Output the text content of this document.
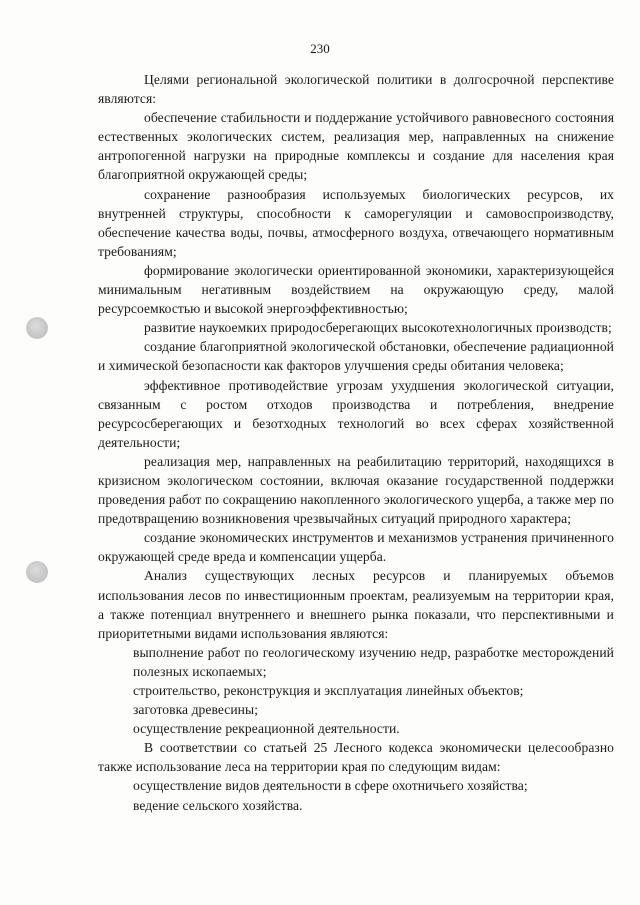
230

Целями региональной экологической политики в долгосрочной перспективе являются:

обеспечение стабильности и поддержание устойчивого равновесного состояния естественных экологических систем, реализация мер, направленных на снижение антропогенной нагрузки на природные комплексы и создание для населения края благоприятной окружающей среды;

сохранение разнообразия используемых биологических ресурсов, их внутренней структуры, способности к саморегуляции и самовоспроизводству, обеспечение качества воды, почвы, атмосферного воздуха, отвечающего нормативным требованиям;

формирование экологически ориентированной экономики, характеризующейся минимальным негативным воздействием на окружающую среду, малой ресурсоемкостью и высокой энергоэффективностью;

развитие наукоемких природосберегающих высокотехнологичных производств;

создание благоприятной экологической обстановки, обеспечение радиационной и химической безопасности как факторов улучшения среды обитания человека;

эффективное противодействие угрозам ухудшения экологической ситуации, связанным с ростом отходов производства и потребления, внедрение ресурсосберегающих и безотходных технологий во всех сферах хозяйственной деятельности;

реализация мер, направленных на реабилитацию территорий, находящихся в кризисном экологическом состоянии, включая оказание государственной поддержки проведения работ по сокращению накопленного экологического ущерба, а также мер по предотвращению возникновения чрезвычайных ситуаций природного характера;

создание экономических инструментов и механизмов устранения причиненного окружающей среде вреда и компенсации ущерба.

Анализ существующих лесных ресурсов и планируемых объемов использования лесов по инвестиционным проектам, реализуемым на территории края, а также потенциал внутреннего и внешнего рынка показали, что перспективными и приоритетными видами использования являются:

выполнение работ по геологическому изучению недр, разработке месторождений полезных ископаемых;

строительство, реконструкция и эксплуатация линейных объектов;

заготовка древесины;

осуществление рекреационной деятельности.

В соответствии со статьей 25 Лесного кодекса экономически целесообразно также использование леса на территории края по следующим видам:

осуществление видов деятельности в сфере охотничьего хозяйства;

ведение сельского хозяйства.
